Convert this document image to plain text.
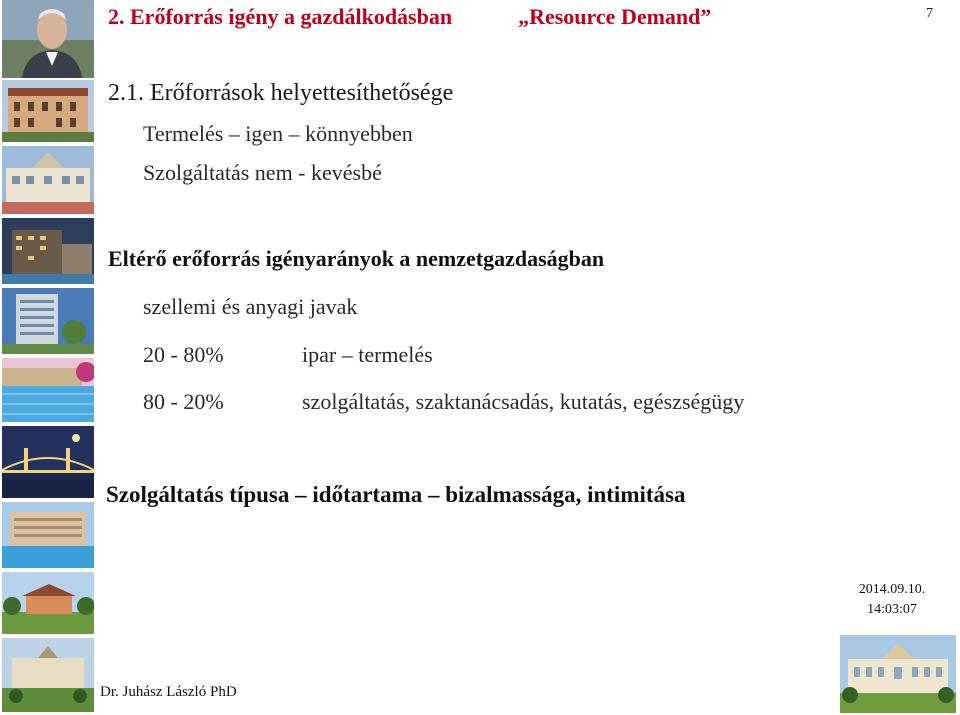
2. Erőforrás igény a gazdálkodásban	„Resource Demand”	7
2.1. Erőforrások helyettesíthetősége
Termelés – igen – könnyebben
Szolgáltatás nem - kevésbé
Eltérő erőforrás igényarányok a nemzetgazdaságban
szellemi és anyagi javak
20 - 80%	ipar – termelés
80 - 20%	szolgáltatás, szaktanácsadás, kutatás, egészségügy
Szolgáltatás típusa – időtartama – bizalmassága, intimitása
2014.09.10.
14:03:07
Dr. Juhász László PhD
